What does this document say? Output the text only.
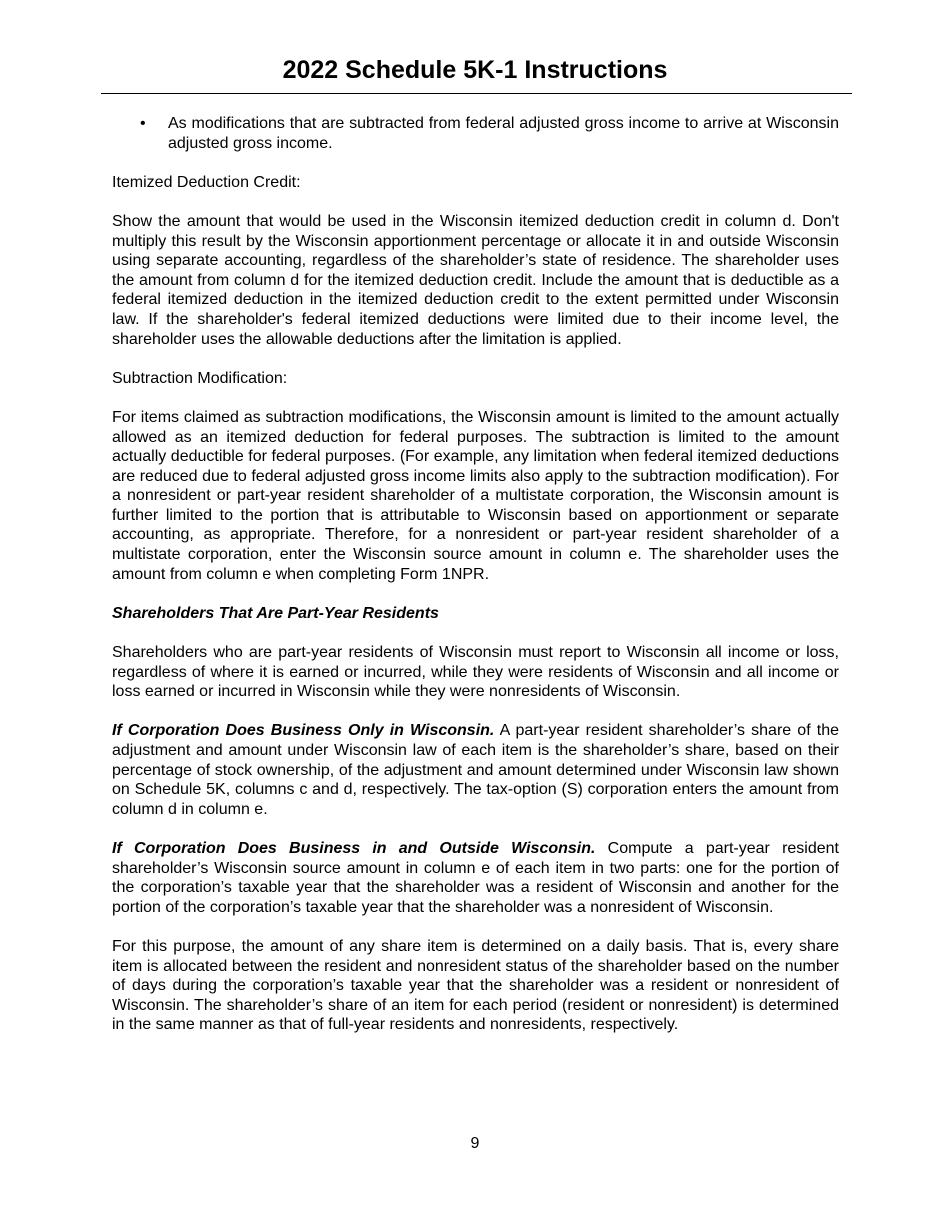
2022 Schedule 5K-1 Instructions
• As modifications that are subtracted from federal adjusted gross income to arrive at Wisconsin adjusted gross income.

Itemized Deduction Credit:

Show the amount that would be used in the Wisconsin itemized deduction credit in column d. Don't multiply this result by the Wisconsin apportionment percentage or allocate it in and outside Wisconsin using separate accounting, regardless of the shareholder’s state of residence. The shareholder uses the amount from column d for the itemized deduction credit. Include the amount that is deductible as a federal itemized deduction in the itemized deduction credit to the extent permitted under Wisconsin law. If the shareholder's federal itemized deductions were limited due to their income level, the shareholder uses the allowable deductions after the limitation is applied.

Subtraction Modification:

For items claimed as subtraction modifications, the Wisconsin amount is limited to the amount actually allowed as an itemized deduction for federal purposes. The subtraction is limited to the amount actually deductible for federal purposes. (For example, any limitation when federal itemized deductions are reduced due to federal adjusted gross income limits also apply to the subtraction modification). For a nonresident or part-year resident shareholder of a multistate corporation, the Wisconsin amount is further limited to the portion that is attributable to Wisconsin based on apportionment or separate accounting, as appropriate. Therefore, for a nonresident or part-year resident shareholder of a multistate corporation, enter the Wisconsin source amount in column e. The shareholder uses the amount from column e when completing Form 1NPR.

Shareholders That Are Part-Year Residents

Shareholders who are part-year residents of Wisconsin must report to Wisconsin all income or loss, regardless of where it is earned or incurred, while they were residents of Wisconsin and all income or loss earned or incurred in Wisconsin while they were nonresidents of Wisconsin.

If Corporation Does Business Only in Wisconsin. A part-year resident shareholder’s share of the adjustment and amount under Wisconsin law of each item is the shareholder’s share, based on their percentage of stock ownership, of the adjustment and amount determined under Wisconsin law shown on Schedule 5K, columns c and d, respectively. The tax-option (S) corporation enters the amount from column d in column e.

If Corporation Does Business in and Outside Wisconsin. Compute a part-year resident shareholder’s Wisconsin source amount in column e of each item in two parts: one for the portion of the corporation’s taxable year that the shareholder was a resident of Wisconsin and another for the portion of the corporation’s taxable year that the shareholder was a nonresident of Wisconsin.

For this purpose, the amount of any share item is determined on a daily basis. That is, every share item is allocated between the resident and nonresident status of the shareholder based on the number of days during the corporation’s taxable year that the shareholder was a resident or nonresident of Wisconsin. The shareholder’s share of an item for each period (resident or nonresident) is determined in the same manner as that of full-year residents and nonresidents, respectively.

9
